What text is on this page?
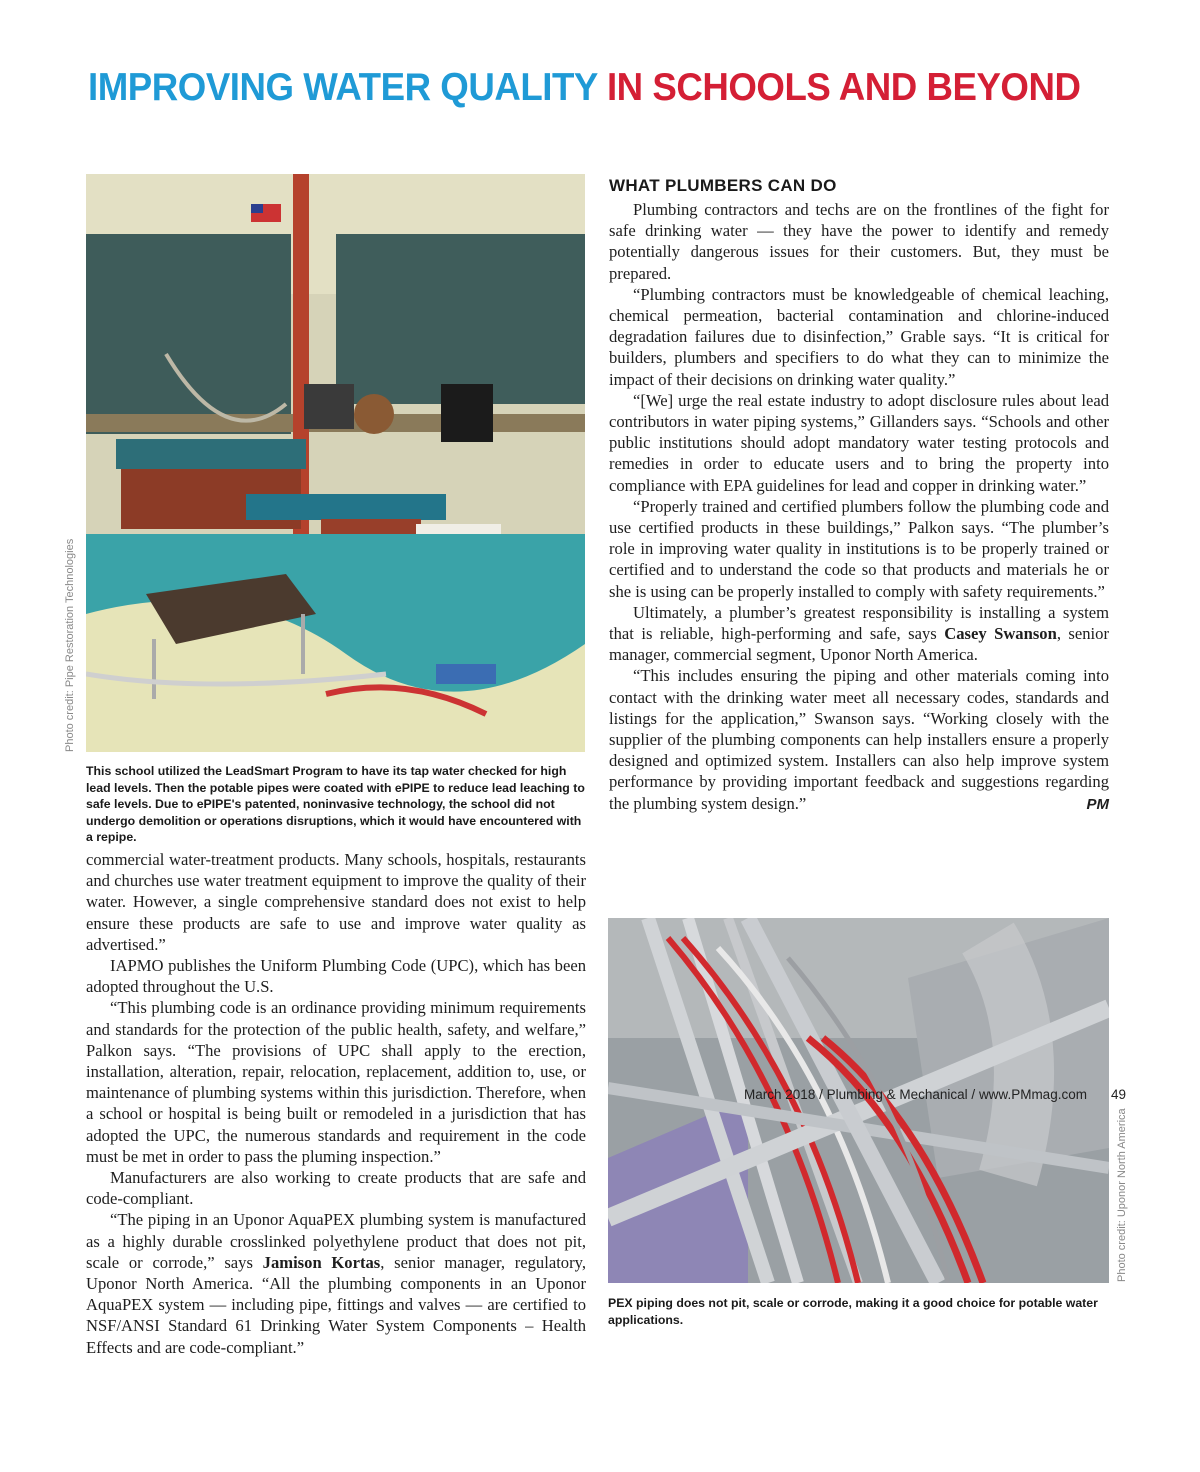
IMPROVING WATER QUALITY IN SCHOOLS AND BEYOND
Photo credit: Pipe Restoration Technologies

This school utilized the LeadSmart Program to have its tap water checked for high lead levels. Then the potable pipes were coated with ePIPE to reduce lead leaching to safe levels. Due to ePIPE's patented, noninvasive technology, the school did not undergo demolition or operations disruptions, which it would have encountered with a repipe.

commercial water-treatment products. Many schools, hospitals, restaurants and churches use water treatment equipment to improve the quality of their water. However, a single comprehensive standard does not exist to help ensure these products are safe to use and improve water quality as advertised.”

IAPMO publishes the Uniform Plumbing Code (UPC), which has been adopted throughout the U.S.

“This plumbing code is an ordinance providing minimum requirements and standards for the protection of the public health, safety, and welfare,” Palkon says. “The provisions of UPC shall apply to the erection, installation, alteration, repair, relocation, replacement, addition to, use, or maintenance of plumbing systems within this jurisdiction. Therefore, when a school or hospital is being built or remodeled in a jurisdiction that has adopted the UPC, the numerous standards and requirement in the code must be met in order to pass the pluming inspection.”

Manufacturers are also working to create products that are safe and code-compliant.

“The piping in an Uponor AquaPEX plumbing system is manufactured as a highly durable crosslinked polyethylene product that does not pit, scale or corrode,” says Jamison Kortas, senior manager, regulatory, Uponor North America. “All the plumbing components in an Uponor AquaPEX system — including pipe, fittings and valves — are certified to NSF/ANSI Standard 61 Drinking Water System Components – Health Effects and are code-compliant.”

WHAT PLUMBERS CAN DO

Plumbing contractors and techs are on the frontlines of the fight for safe drinking water — they have the power to identify and remedy potentially dangerous issues for their customers. But, they must be prepared.

“Plumbing contractors must be knowledgeable of chemical leaching, chemical permeation, bacterial contamination and chlorine-induced degradation failures due to disinfection,” Grable says. “It is critical for builders, plumbers and specifiers to do what they can to minimize the impact of their decisions on drinking water quality.”

“[We] urge the real estate industry to adopt disclosure rules about lead contributors in water piping systems,” Gillanders says. “Schools and other public institutions should adopt mandatory water testing protocols and remedies in order to educate users and to bring the property into compliance with EPA guidelines for lead and copper in drinking water.”

“Properly trained and certified plumbers follow the plumbing code and use certified products in these buildings,” Palkon says. “The plumber’s role in improving water quality in institutions is to be properly trained or certified and to understand the code so that products and materials he or she is using can be properly installed to comply with safety requirements.”

Ultimately, a plumber’s greatest responsibility is installing a system that is reliable, high-performing and safe, says Casey Swanson, senior manager, commercial segment, Uponor North America.

“This includes ensuring the piping and other materials coming into contact with the drinking water meet all necessary codes, standards and listings for the application,” Swanson says. “Working closely with the supplier of the plumbing components can help installers ensure a properly designed and optimized system. Installers can also help improve system performance by providing important feedback and suggestions regarding the plumbing system design.”	PM

Photo credit: Uponor North America

PEX piping does not pit, scale or corrode, making it a good choice for potable water applications.

March 2018 / Plumbing & Mechanical / www.PMmag.com 49
